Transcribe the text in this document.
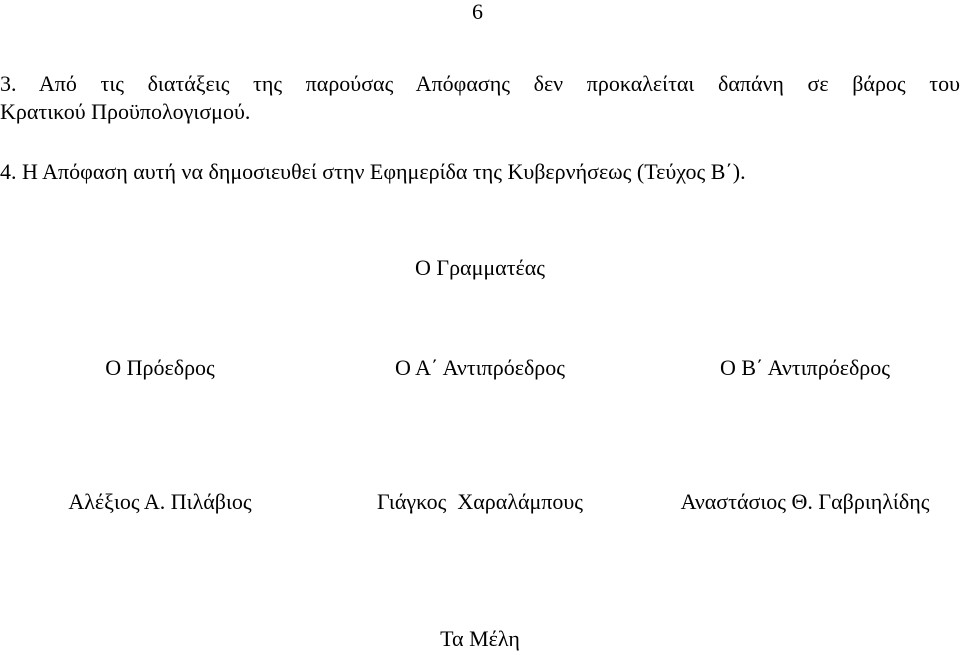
6
3. Από τις διατάξεις της παρούσας Απόφασης δεν προκαλείται δαπάνη σε βάρος του
Κρατικού Προϋπολογισμού.
4. Η Απόφαση αυτή να δημοσιευθεί στην Εφημερίδα της Κυβερνήσεως (Τεύχος Β΄).
Ο Γραμματέας
Ο Πρόεδρος	Ο Α΄ Αντιπρόεδρος	Ο Β΄ Αντιπρόεδρος
Αλέξιος Α. Πιλάβιος	Γιάγκος  Χαραλάμπους	Αναστάσιος Θ. Γαβριηλίδης
Τα Μέλη
